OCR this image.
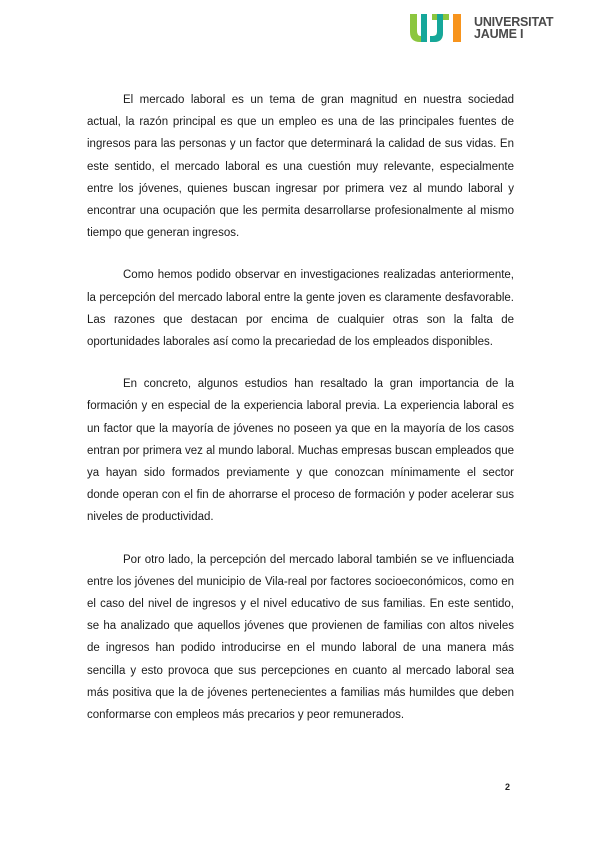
UNIVERSITAT
JAUME I

El mercado laboral es un tema de gran magnitud en nuestra sociedad actual, la razón principal es que un empleo es una de las principales fuentes de ingresos para las personas y un factor que determinará la calidad de sus vidas. En este sentido, el mercado laboral es una cuestión muy relevante, especialmente entre los jóvenes, quienes buscan ingresar por primera vez al mundo laboral y encontrar una ocupación que les permita desarrollarse profesionalmente al mismo tiempo que generan ingresos.

Como hemos podido observar en investigaciones realizadas anteriormente, la percepción del mercado laboral entre la gente joven es claramente desfavorable. Las razones que destacan por encima de cualquier otras son la falta de oportunidades laborales así como la precariedad de los empleados disponibles.

En concreto, algunos estudios han resaltado la gran importancia de la formación y en especial de la experiencia laboral previa. La experiencia laboral es un factor que la mayoría de jóvenes no poseen ya que en la mayoría de los casos entran por primera vez al mundo laboral. Muchas empresas buscan empleados que ya hayan sido formados previamente y que conozcan mínimamente el sector donde operan con el fin de ahorrarse el proceso de formación y poder acelerar sus niveles de productividad.

Por otro lado, la percepción del mercado laboral también se ve influenciada entre los jóvenes del municipio de Vila-real por factores socioeconómicos, como en el caso del nivel de ingresos y el nivel educativo de sus familias. En este sentido, se ha analizado que aquellos jóvenes que provienen de familias con altos niveles de ingresos han podido introducirse en el mundo laboral de una manera más sencilla y esto provoca que sus percepciones en cuanto al mercado laboral sea más positiva que la de jóvenes pertenecientes a familias más humildes que deben conformarse con empleos más precarios y peor remunerados.

2
